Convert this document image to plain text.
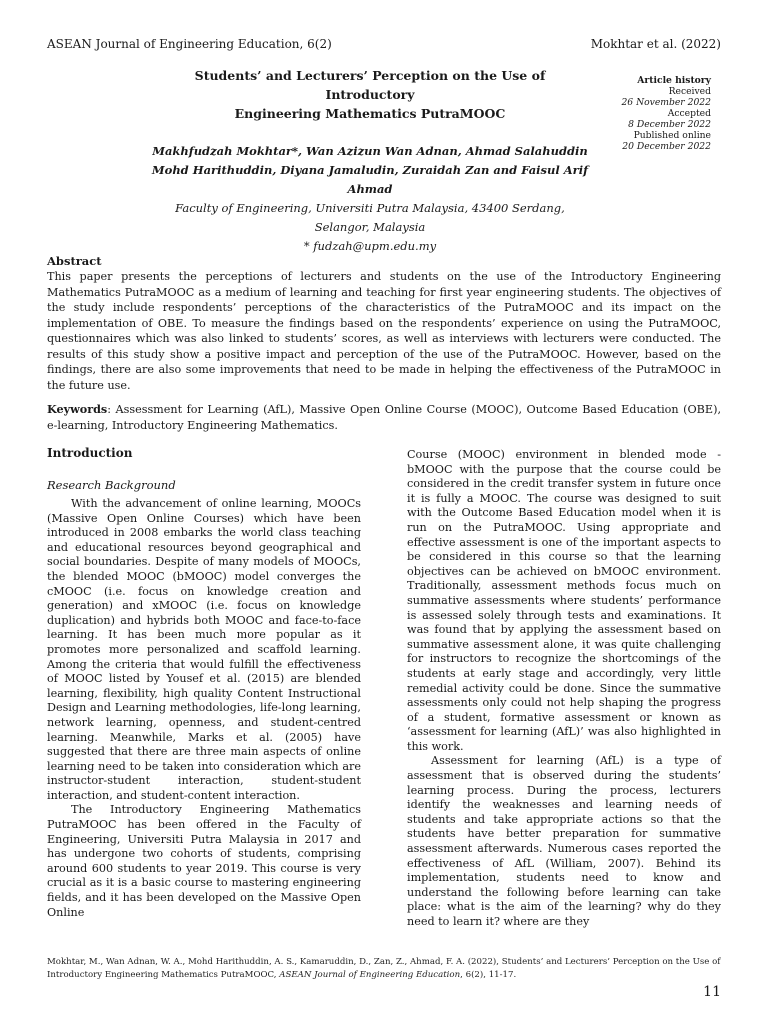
ASEAN Journal of Engineering Education, 6(2)	Mokhtar et al. (2022)

Students’ and Lecturers’ Perception on the Use of Introductory
Engineering Mathematics PutraMOOC

Makhfudzah Mokhtar*, Wan Azizun Wan Adnan, Ahmad Salahuddin
Mohd Harithuddin, Diyana Jamaludin, Zuraidah Zan and Faisul Arif
Ahmad
Faculty of Engineering, Universiti Putra Malaysia, 43400 Serdang,
Selangor, Malaysia
* fudzah@upm.edu.my
Article history
Received
26 November 2022
Accepted
8 December 2022
Published online
20 December 2022
Abstract

This paper presents the perceptions of lecturers and students on the use of the Introductory Engineering Mathematics PutraMOOC as a medium of learning and teaching for first year engineering students. The objectives of the study include respondents’ perceptions of the characteristics of the PutraMOOC and its impact on the implementation of OBE. To measure the findings based on the respondents’ experience on using the PutraMOOC, questionnaires which was also linked to students’ scores, as well as interviews with lecturers were conducted. The results of this study show a positive impact and perception of the use of the PutraMOOC. However, based on the findings, there are also some improvements that need to be made in helping the effectiveness of the PutraMOOC in the future use.

Keywords: Assessment for Learning (AfL), Massive Open Online Course (MOOC), Outcome Based Education (OBE), e-learning, Introductory Engineering Mathematics.

Introduction
Research Background

With the advancement of online learning, MOOCs (Massive Open Online Courses) which have been introduced in 2008 embarks the world class teaching and educational resources beyond geographical and social boundaries. Despite of many models of MOOCs, the blended MOOC (bMOOC) model converges the cMOOC (i.e. focus on knowledge creation and generation) and xMOOC (i.e. focus on knowledge duplication) and hybrids both MOOC and face-to-face learning. It has been much more popular as it promotes more personalized and scaffold learning. Among the criteria that would fulfill the effectiveness of MOOC listed by Yousef et al. (2015) are blended learning, flexibility, high quality Content Instructional Design and Learning methodologies, life-long learning, network learning, openness, and student-centred learning. Meanwhile, Marks et al. (2005) have suggested that there are three main aspects of online learning need to be taken into consideration which are instructor-student interaction, student-student interaction, and student-content interaction.

The Introductory Engineering Mathematics PutraMOOC has been offered in the Faculty of Engineering, Universiti Putra Malaysia in 2017 and has undergone two cohorts of students, comprising around 600 students to year 2019. This course is very crucial as it is a basic course to mastering engineering fields, and it has been developed on the Massive Open Online

Course (MOOC) environment in blended mode - bMOOC with the purpose that the course could be considered in the credit transfer system in future once it is fully a MOOC. The course was designed to suit with the Outcome Based Education model when it is run on the PutraMOOC. Using appropriate and effective assessment is one of the important aspects to be considered in this course so that the learning objectives can be achieved on bMOOC environment. Traditionally, assessment methods focus much on summative assessments where students’ performance is assessed solely through tests and examinations. It was found that by applying the assessment based on summative assessment alone, it was quite challenging for instructors to recognize the shortcomings of the students at early stage and accordingly, very little remedial activity could be done. Since the summative assessments only could not help shaping the progress of a student, formative assessment or known as ‘assessment for learning (AfL)’ was also highlighted in this work.

Assessment for learning (AfL) is a type of assessment that is observed during the students’ learning process. During the process, lecturers identify the weaknesses and learning needs of students and take appropriate actions so that the students have better preparation for summative assessment afterwards. Numerous cases reported the effectiveness of AfL (William, 2007). Behind its implementation, students need to know and understand the following before learning can take place: what is the aim of the learning? why do they need to learn it? where are they

Mokhtar, M., Wan Adnan, W. A., Mohd Harithuddin, A. S., Kamaruddin, D., Zan, Z., Ahmad, F. A. (2022), Students’ and Lecturers’ Perception on the Use of Introductory Engineering Mathematics PutraMOOC, ASEAN Journal of Engineering Education, 6(2), 11-17.
11
